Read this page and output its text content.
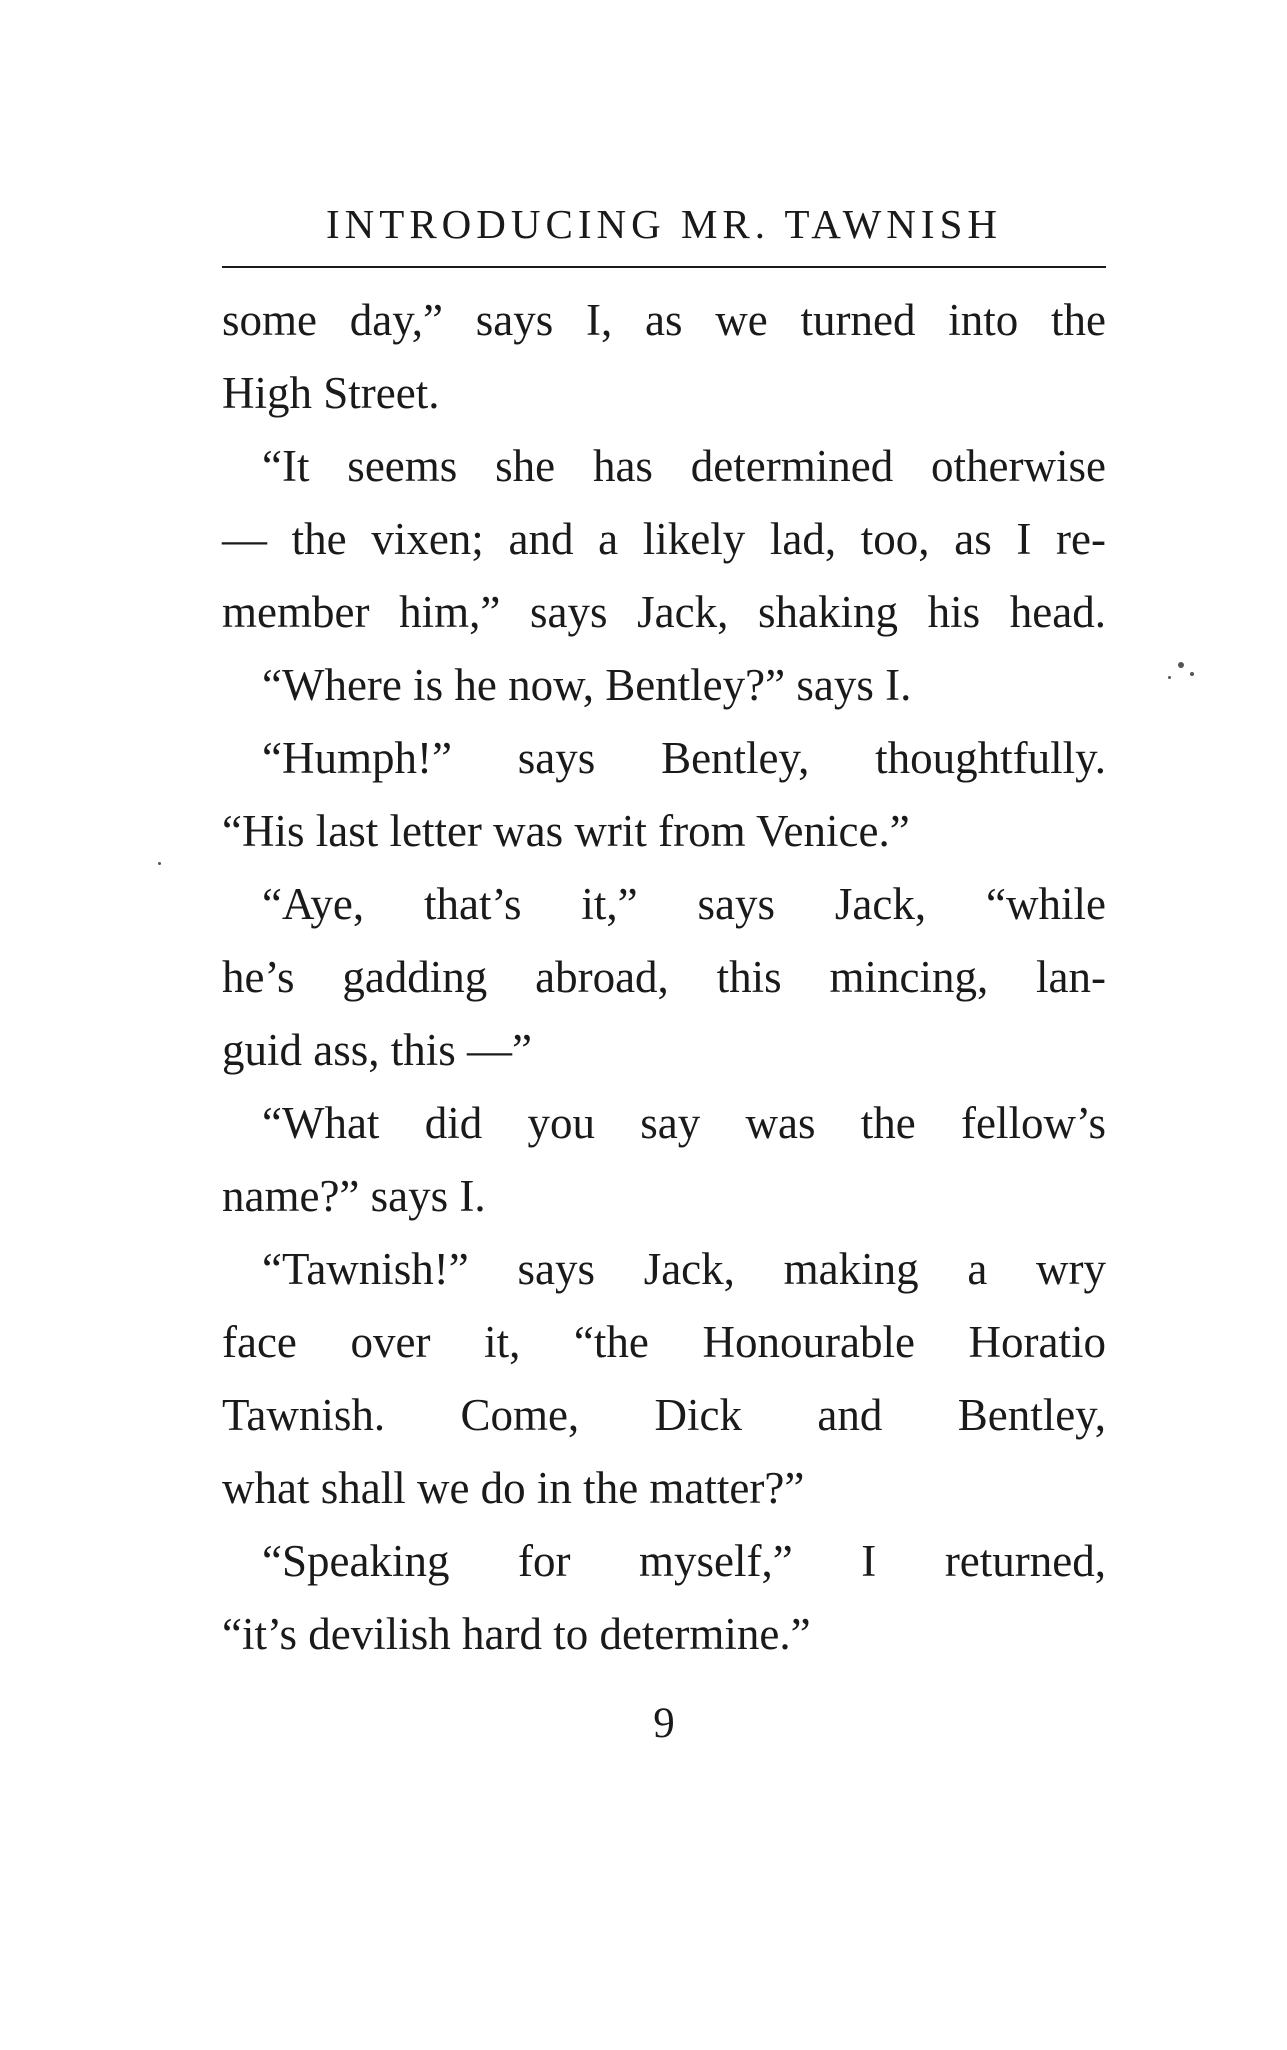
INTRODUCING MR. TAWNISH
some day,” says I, as we turned into the
High Street.
“It seems she has determined otherwise
— the vixen; and a likely lad, too, as I re-
member him,” says Jack, shaking his head.
“Where is he now, Bentley?” says I.
“Humph!” says Bentley, thoughtfully.
“His last letter was writ from Venice.”
“Aye, that’s it,” says Jack, “while
he’s gadding abroad, this mincing, lan-
guid ass, this —”
“What did you say was the fellow’s
name?” says I.
“Tawnish!” says Jack, making a wry
face over it, “the Honourable Horatio
Tawnish. Come, Dick and Bentley,
what shall we do in the matter?”
“Speaking for myself,” I returned,
“it’s devilish hard to determine.”
9
